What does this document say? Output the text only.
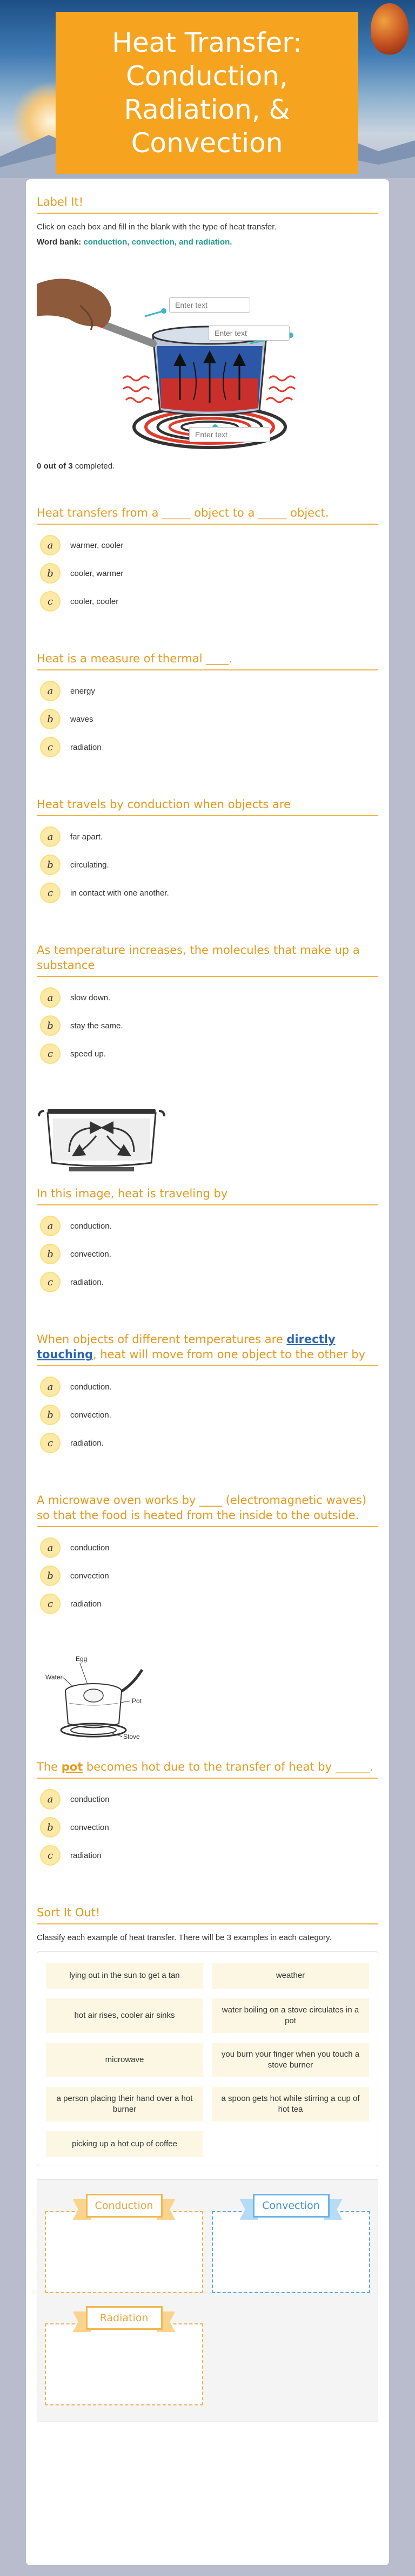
Heat Transfer: Conduction, Radiation, & Convection
Label It!

Click on each box and fill in the blank with the type of heat transfer.

Word bank: conduction, convection, and radiation.

Enter text
Enter text
Enter text

0 out of 3 completed.

Heat transfers from a _____ object to a _____ object.
a	warmer, cooler
b	cooler, warmer
c	cooler, cooler
Heat is a measure of thermal ____.
a	energy
b	waves
c	radiation
Heat travels by conduction when objects are
a	far apart.
b	circulating.
c	in contact with one another.
As temperature increases, the molecules that make up a substance
a	slow down.
b	stay the same.
c	speed up.
In this image, heat is traveling by
a	conduction.
b	convection.
c	radiation.
When objects of different temperatures are directly touching, heat will move from one object to the other by
a	conduction.
b	convection.
c	radiation.
A microwave oven works by ____ (electromagnetic waves) so that the food is heated from the inside to the outside.
a	conduction
b	convection
c	radiation
Egg
Water
Pot
Stove
The pot becomes hot due to the transfer of heat by ______.
a	conduction
b	convection
c	radiation
Sort It Out!

Classify each example of heat transfer. There will be 3 examples in each category.

lying out in the sun to get a tan	weather
hot air rises, cooler air sinks
water boiling on a stove circulates in a pot
microwave
you burn your finger when you touch a stove burner
a person placing their hand over a hot burner
a spoon gets hot while stirring a cup of hot tea
picking up a hot cup of coffee
Conduction	Convection
Radiation
